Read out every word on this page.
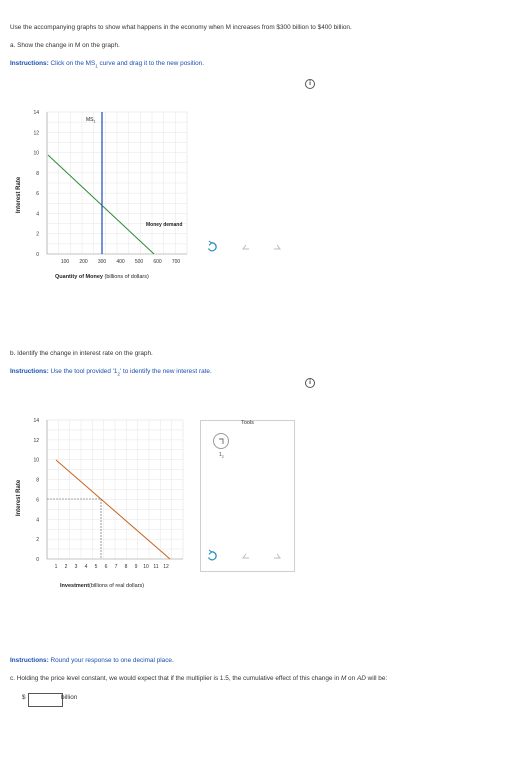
Use the accompanying graphs to show what happens in the economy when M increases from $300 billion to $400 billion.
a. Show the change in M on the graph.
Instructions: Click on the $MS_1$ curve and drag it to the new position.
i
Interest Rate
14
12
10
8
6
4
2
0
100 200 300 400 500 600 700
Money demand
$MS_1$
Quantity of Money (billions of dollars)
b. Identify the change in interest rate on the graph.
Instructions: Use the tool provided '$1_2$' to identify the new interest rate.
i
Interest Rate
14
12
10
8
6
4
2
0
1 2 3 4 5 6 7 8 9 10 11 12
Investment(billions of real dollars)
Tools
$1_2$
Instructions: Round your response to one decimal place.
c. Holding the price level constant, we would expect that if the multiplier is 1.5, the cumulative effect of this change in M on AD will be:
$	billion
